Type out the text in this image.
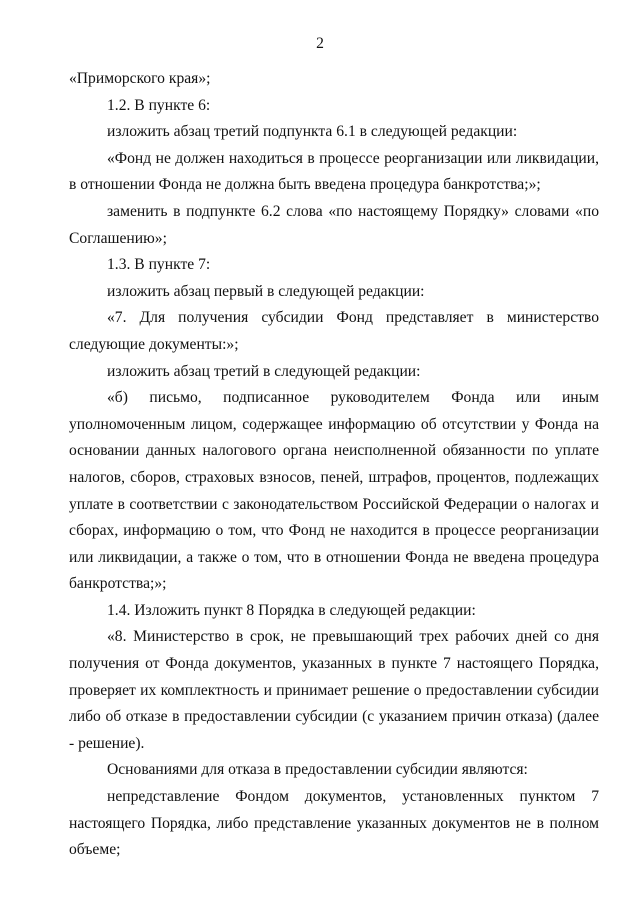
2

«Приморского края»;

1.2. В пункте 6:

изложить абзац третий подпункта 6.1 в следующей редакции:

«Фонд не должен находиться в процессе реорганизации или ликвидации, в отношении Фонда не должна быть введена процедура банкротства;»;

заменить в подпункте 6.2 слова «по настоящему Порядку» словами «по Соглашению»;

1.3. В пункте 7:

изложить абзац первый в следующей редакции:

«7. Для получения субсидии Фонд представляет в министерство следующие документы:»;

изложить абзац третий в следующей редакции:

«б) письмо, подписанное руководителем Фонда или иным уполномоченным лицом, содержащее информацию об отсутствии у Фонда на основании данных налогового органа неисполненной обязанности по уплате налогов, сборов, страховых взносов, пеней, штрафов, процентов, подлежащих уплате в соответствии с законодательством Российской Федерации о налогах и сборах, информацию о том, что Фонд не находится в процессе реорганизации или ликвидации, а также о том, что в отношении Фонда не введена процедура банкротства;»;

1.4. Изложить пункт 8 Порядка в следующей редакции:

«8. Министерство в срок, не превышающий трех рабочих дней со дня получения от Фонда документов, указанных в пункте 7 настоящего Порядка, проверяет их комплектность и принимает решение о предоставлении субсидии либо об отказе в предоставлении субсидии (с указанием причин отказа) (далее - решение).

Основаниями для отказа в предоставлении субсидии являются:

непредставление Фондом документов, установленных пунктом 7 настоящего Порядка, либо представление указанных документов не в полном объеме;
